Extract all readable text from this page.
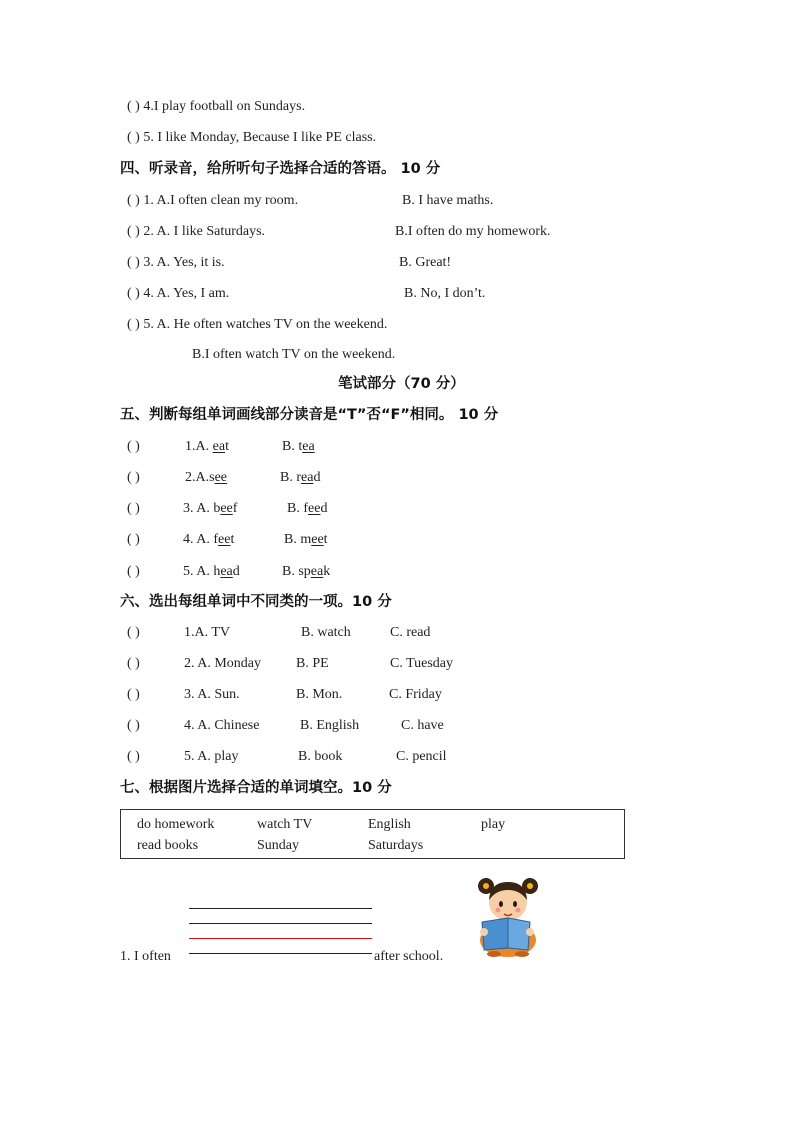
( ) 4.I play football on Sundays.
( ) 5. I like Monday, Because I like PE class.
四、听录音，给所听句子选择合适的答语。 10 分
( ) 1. A.I often clean my room.	B. I have maths.
( ) 2. A. I like Saturdays.	B.I often do my homework.
( ) 3. A. Yes, it is.	B. Great!
( ) 4. A. Yes, I am.	B. No, I don’t.
( ) 5. A. He often watches TV on the weekend.
B.I often watch TV on the weekend.
笔试部分（70 分）
五、判断每组单词画线部分读音是“T”否“F”相同。 10 分
( )	1.A. eat	B. tea
( )	2.A.see	B. read
( )	3. A. beef	B. feed
( )	4. A. feet	B. meet
( )	5. A. head	B. speak
六、选出每组单词中不同类的一项。10 分
( )	1.A. TV	B. watch	C. read
( )	2. A. Monday	B. PE	C. Tuesday
( )	3. A. Sun.	B. Mon.	C. Friday
( )	4. A. Chinese	B. English	C. have
( )	5. A. play	B. book	C. pencil
七、根据图片选择合适的单词填空。10 分
do homework	watch TV	English	play
read books	Sunday	Saturdays
1. I often	after school.
